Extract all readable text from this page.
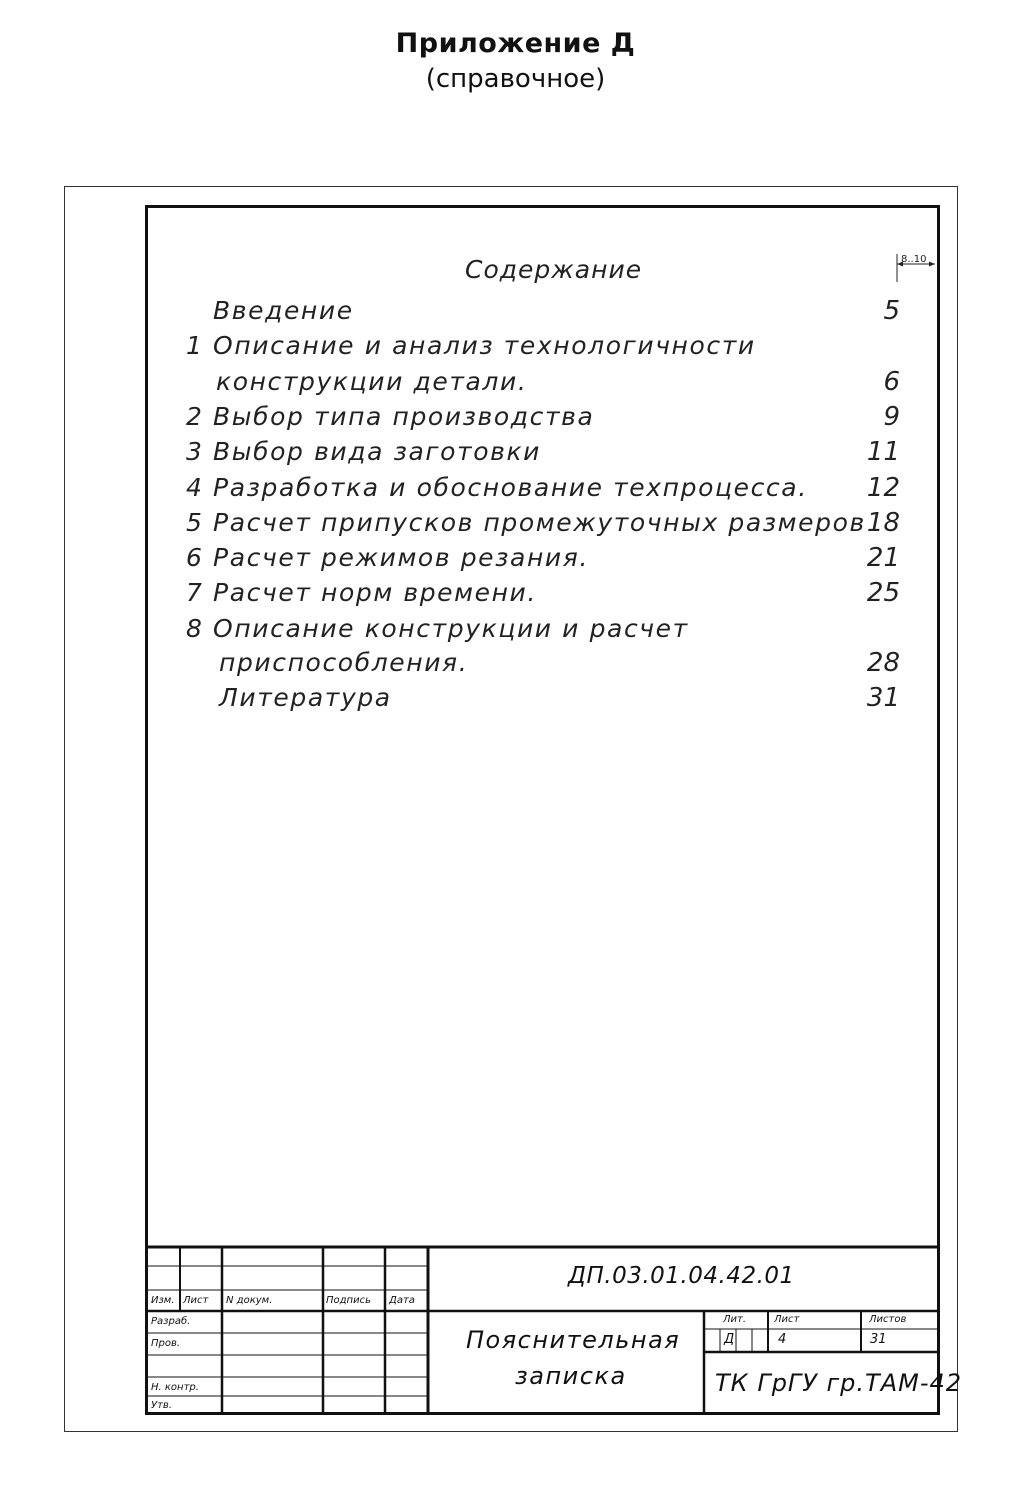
Приложение Д
(справочное)
Содержание	8..10
Введение	5
1 Описание и анализ технологичности
конструкции детали.	6
2 Выбор типа производства	9
3 Выбор вида заготовки	11
4 Разработка и обоснование техпроцесса.	12
5 Расчет припусков промежуточных размеров 18
6 Расчет режимов резания.	21
7 Расчет норм времени.	25
8 Описание конструкции и расчет
приспособления.	28
Литература	31
ДП.03.01.04.42.01
Изм. Лист N докум.	Подпись Дата
Разраб.
Пров.
Н. контр.
Утв.
Пояснительная
записка
Лит.	Лист	Листов
Д	4	31
ТК ГрГУ гр.ТАМ-42
